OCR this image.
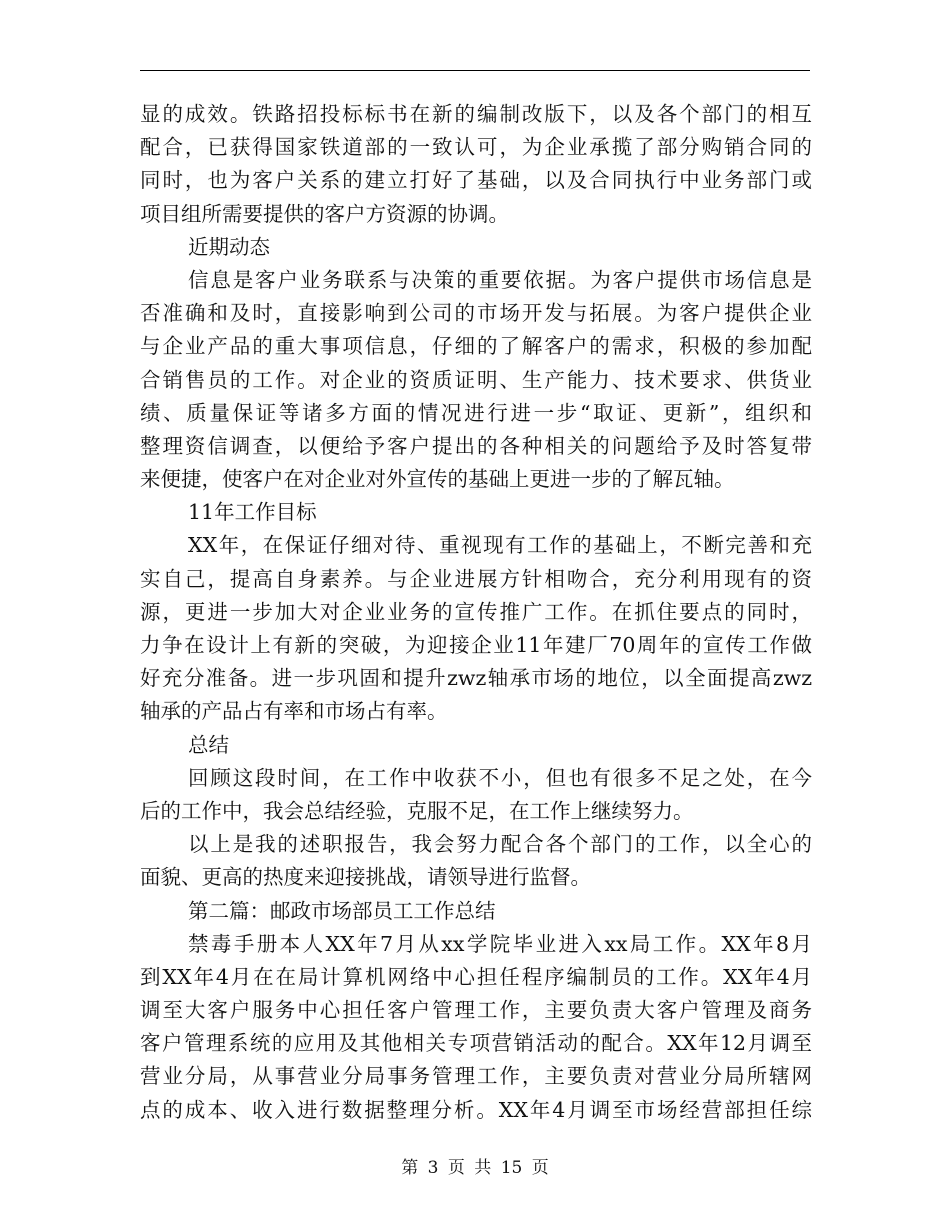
显的成效。铁路招投标标书在新的编制改版下，以及各个部门的相互
配合，已获得国家铁道部的一致认可，为企业承揽了部分购销合同的
同时，也为客户关系的建立打好了基础，以及合同执行中业务部门或
项目组所需要提供的客户方资源的协调。
近期动态
信息是客户业务联系与决策的重要依据。为客户提供市场信息是
否准确和及时，直接影响到公司的市场开发与拓展。为客户提供企业
与企业产品的重大事项信息，仔细的了解客户的需求，积极的参加配
合销售员的工作。对企业的资质证明、生产能力、技术要求、供货业
绩、质量保证等诸多方面的情况进行进一步“取证、更新”，组织和
整理资信调查，以便给予客户提出的各种相关的问题给予及时答复带
来便捷，使客户在对企业对外宣传的基础上更进一步的了解瓦轴。
11年工作目标
XX年，在保证仔细对待、重视现有工作的基础上，不断完善和充
实自己，提高自身素养。与企业进展方针相吻合，充分利用现有的资
源，更进一步加大对企业业务的宣传推广工作。在抓住要点的同时，
力争在设计上有新的突破，为迎接企业11年建厂70周年的宣传工作做
好充分准备。进一步巩固和提升zwz轴承市场的地位，以全面提高zwz
轴承的产品占有率和市场占有率。
总结
回顾这段时间，在工作中收获不小，但也有很多不足之处，在今
后的工作中，我会总结经验，克服不足，在工作上继续努力。
以上是我的述职报告，我会努力配合各个部门的工作，以全心的
面貌、更高的热度来迎接挑战，请领导进行监督。
第二篇：邮政市场部员工工作总结
禁毒手册本人XX年7月从xx学院毕业进入xx局工作。XX年8月
到XX年4月在在局计算机网络中心担任程序编制员的工作。XX年4月
调至大客户服务中心担任客户管理工作，主要负责大客户管理及商务
客户管理系统的应用及其他相关专项营销活动的配合。XX年12月调至
营业分局，从事营业分局事务管理工作，主要负责对营业分局所辖网
点的成本、收入进行数据整理分析。XX年4月调至市场经营部担任综
第 3 页 共 15 页
